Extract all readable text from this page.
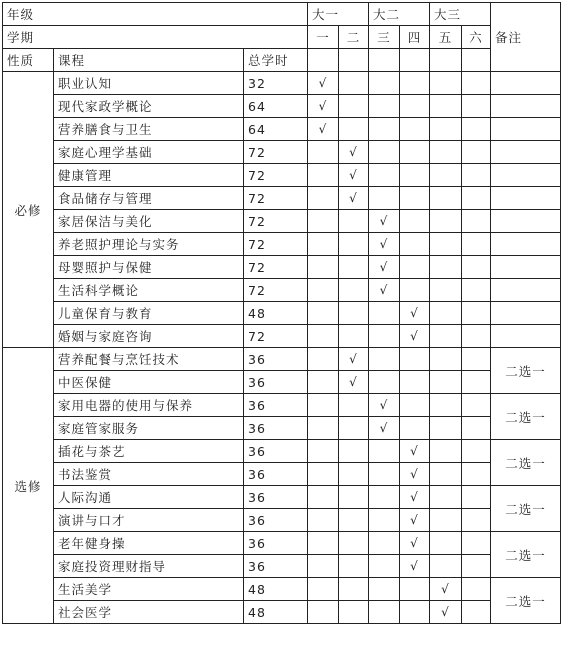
年级			大一		大二		大三		备注
学期			一	二	三	四	五	六	
性质	课程	总学时							
必修	职业认知	32	√						
	现代家政学概论	64	√						
	营养膳食与卫生	64	√						
	家庭心理学基础	72		√					
	健康管理	72		√					
	食品储存与管理	72		√					
	家居保洁与美化	72			√				
	养老照护理论与实务	72			√				
	母婴照护与保健	72			√				
	生活科学概论	72			√				
	儿童保育与教育	48				√			
	婚姻与家庭咨询	72				√			
选修	营养配餐与烹饪技术	36		√					二选一
	中医保健	36		√					
	家用电器的使用与保养	36			√				二选一
	家庭管家服务	36			√				
	插花与茶艺	36				√			二选一
	书法鉴赏	36				√			
	人际沟通	36				√			二选一
	演讲与口才	36				√			
	老年健身操	36				√			二选一
	家庭投资理财指导	36				√			
	生活美学	48					√		二选一
	社会医学	48					√		
